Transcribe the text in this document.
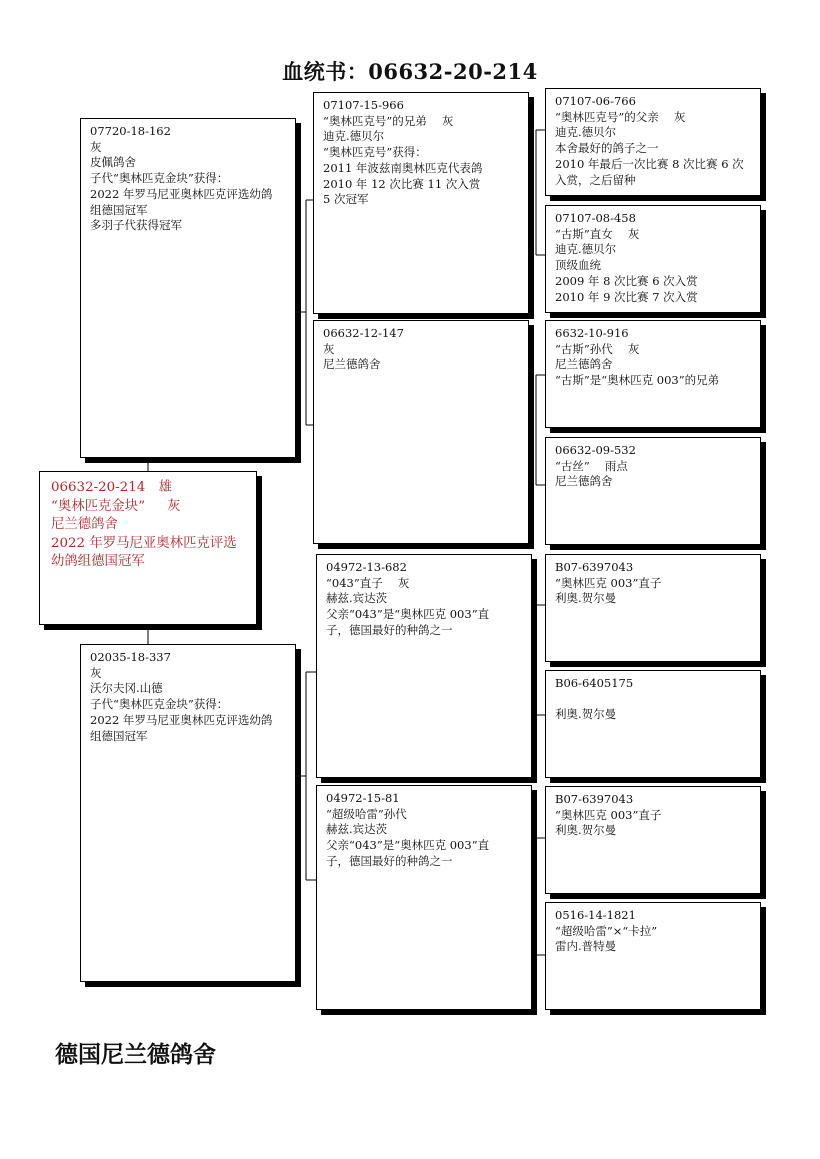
血统书：06632-20-214
06632-20-214　雄
“奥林匹克金块”　  灰
尼兰德鸽舍
2022 年罗马尼亚奥林匹克评选
幼鸽组德国冠军
07720-18-162
灰
皮佩鸽舍
子代“奥林匹克金块”获得：
2022 年罗马尼亚奥林匹克评选幼鸽
组德国冠军
多羽子代获得冠军
02035-18-337
灰
沃尔夫冈.山德
子代“奥林匹克金块”获得：
2022 年罗马尼亚奥林匹克评选幼鸽
组德国冠军
07107-15-966
“奥林匹克号”的兄弟　 灰
迪克.德贝尔
“奥林匹克号”获得：
2011 年波兹南奥林匹克代表鸽
2010 年 12 次比赛 11 次入赏
5 次冠军
06632-12-147
灰
尼兰德鸽舍
04972-13-682
“043”直子　 灰
赫兹.宾达茨
父亲“043”是“奥林匹克 003”直
子，德国最好的种鸽之一
04972-15-81
“超级哈雷”孙代
赫兹.宾达茨
父亲“043”是“奥林匹克 003”直
子，德国最好的种鸽之一
07107-06-766
“奥林匹克号”的父亲　 灰
迪克.德贝尔
本舍最好的鸽子之一
2010 年最后一次比赛 8 次比赛 6 次
入赏，之后留种
07107-08-458
“古斯”直女　 灰
迪克.德贝尔
顶级血统
2009 年 8 次比赛 6 次入赏
2010 年 9 次比赛 7 次入赏
6632-10-916
“古斯”孙代　 灰
尼兰德鸽舍
“古斯”是“奥林匹克 003”的兄弟
06632-09-532
“古丝”　 雨点
尼兰德鸽舍
B07-6397043
“奥林匹克 003”直子
利奥.贺尔曼
B06-6405175

利奥.贺尔曼
B07-6397043
“奥林匹克 003”直子
利奥.贺尔曼
0516-14-1821
“超级哈雷”×“卡拉”
雷内.普特曼
德国尼兰德鸽舍
